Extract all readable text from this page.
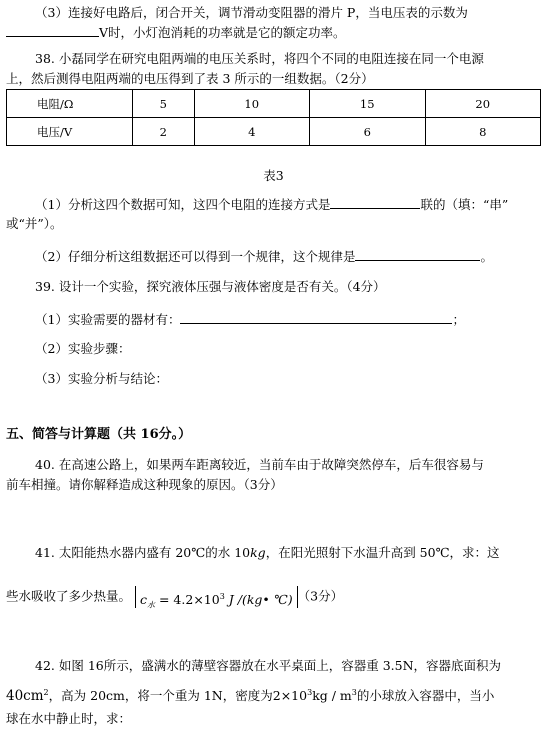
（3）连接好电路后，闭合开关，调节滑动变阻器的滑片 P，当电压表的示数为
V时，小灯泡消耗的功率就是它的额定功率。
38. 小磊同学在研究电阻两端的电压关系时，将四个不同的电阻连接在同一个电源
上，然后测得电阻两端的电压得到了表 3 所示的一组数据。（2分）
电阻/Ω	5	10	15	20
电压/V	2	4	6	8
表3
（1）分析这四个数据可知，这四个电阻的连接方式是	联的（填：“串”
或“并”）。
（2）仔细分析这组数据还可以得到一个规律，这个规律是	。
39. 设计一个实验，探究液体压强与液体密度是否有关。（4分）
（1）实验需要的器材有：	；
（2）实验步骤：
（3）实验分析与结论：
五、简答与计算题（共 16分。）
40. 在高速公路上，如果两车距离较近，当前车由于故障突然停车，后车很容易与
前车相撞。请你解释造成这种现象的原因。（3分）
41. 太阳能热水器内盛有 20℃的水 10kg，在阳光照射下水温升高到 50℃，求：这
些水吸收了多少热量。 $c_水 = 4.2\times 10^3$ J /(kg• ℃) （3分）
42. 如图 16所示，盛满水的薄壁容器放在水平桌面上，容器重 3.5N，容器底面积为
$40cm^2$，高为 20cm，将一个重为 1N，密度为$2\times 10^3kg / m^3$的小球放入容器中，当小
球在水中静止时，求：
